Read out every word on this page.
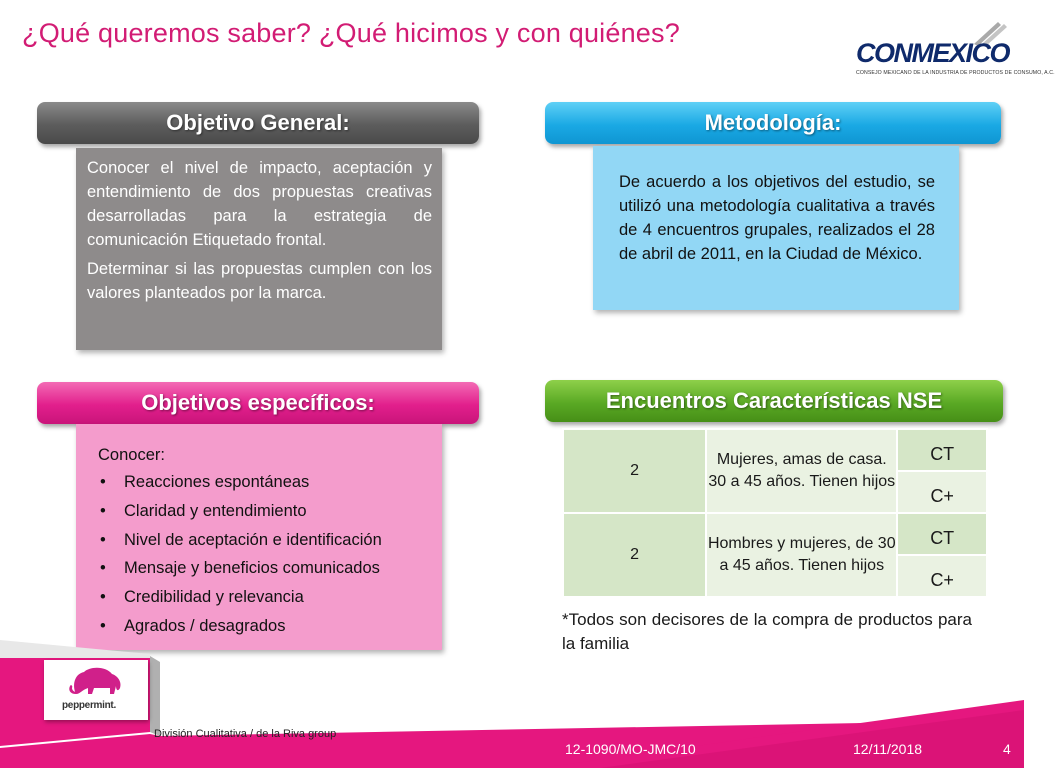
¿Qué queremos saber? ¿Qué hicimos y con quiénes?
CONMEXICO
CONSEJO MEXICANO DE LA INDUSTRIA DE PRODUCTOS DE CONSUMO, A.C.
Objetivo General:

Conocer el nivel de impacto, aceptación y entendimiento de dos propuestas creativas desarrolladas para la estrategia de comunicación Etiquetado frontal.

Determinar si las propuestas cumplen con los valores planteados por la marca.

Metodología:

De acuerdo a los objetivos del estudio, se utilizó una metodología cualitativa a través de 4 encuentros grupales, realizados el 28 de abril de 2011, en la Ciudad de México.

Objetivos específicos:

Conocer:

• Reacciones espontáneas
• Claridad y entendimiento
• Nivel de aceptación e identificación
• Mensaje y beneficios comunicados
• Credibilidad y relevancia
• Agrados / desagrados
Encuentros Características NSE
2	Mujeres, amas de casa. 30 a 45 años. Tienen hijos	CT
		C+
2	Hombres y mujeres, de 30 a 45 años. Tienen hijos	CT
		C+

*Todos son decisores de la compra de productos para la familia

peppermint.
División Cualitativa / de la Riva group
12-1090/MO-JMC/10	12/11/2018	4
